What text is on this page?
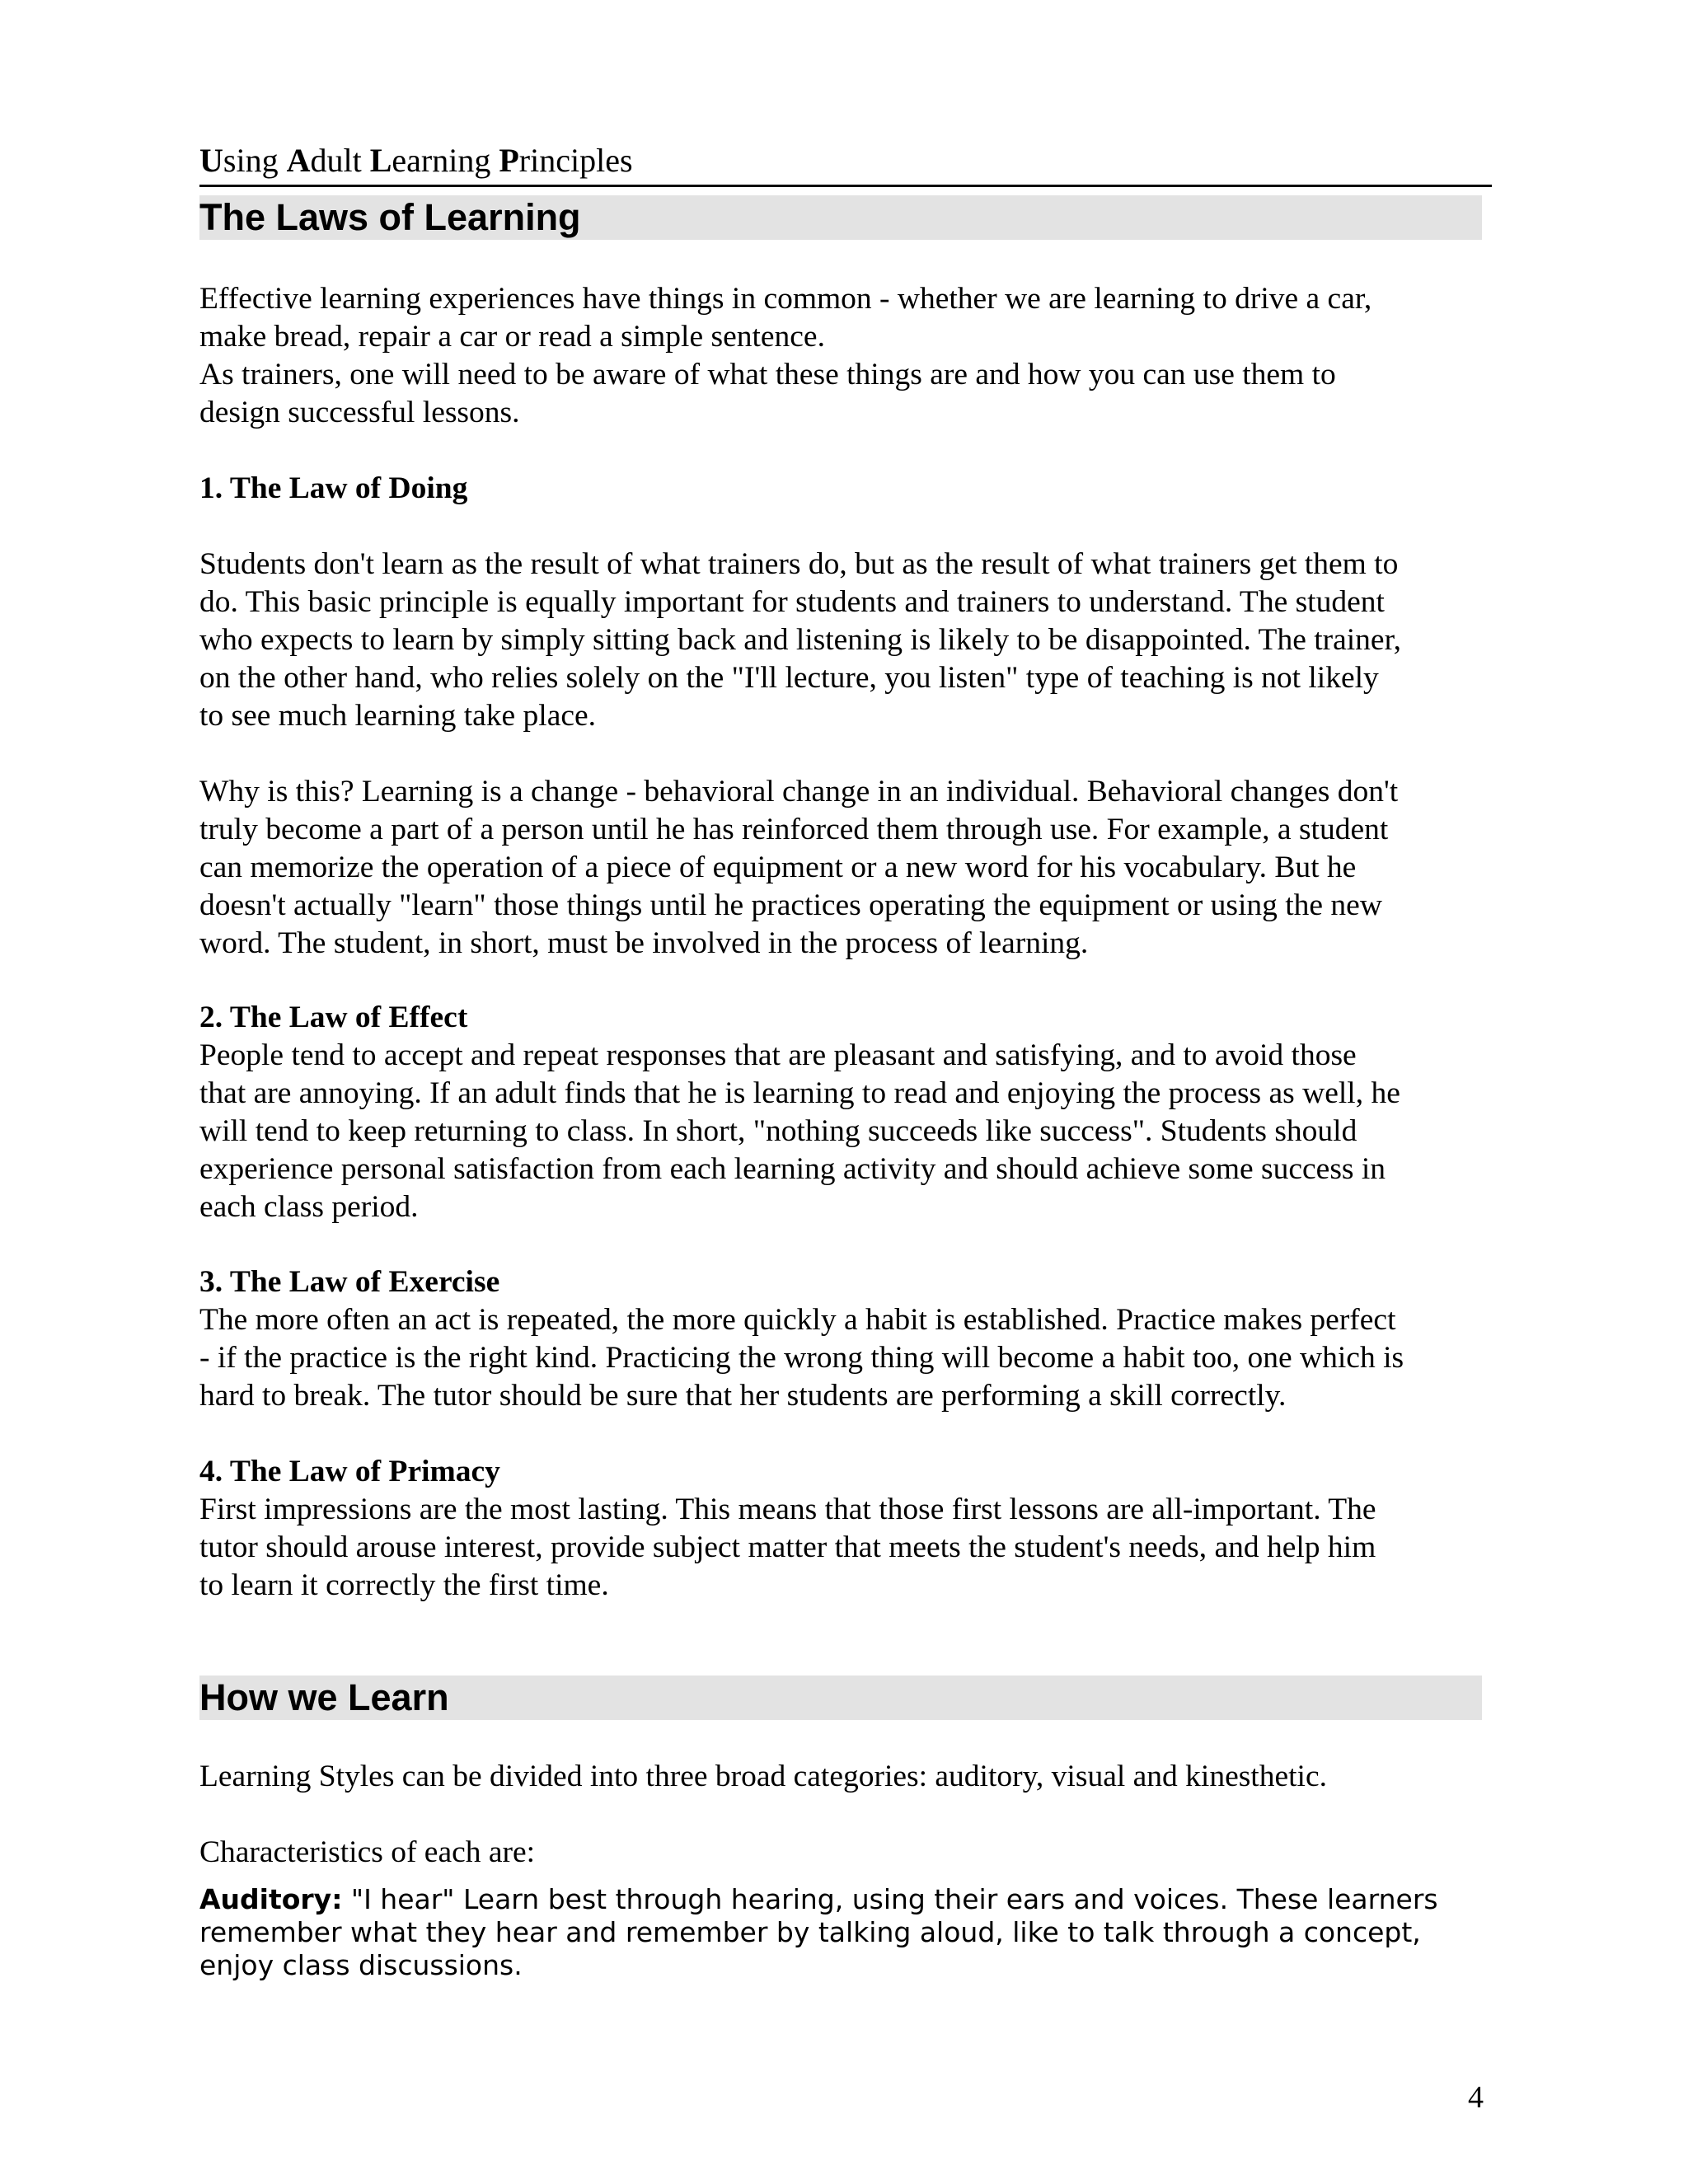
Using Adult Learning Principles
The Laws of Learning

Effective learning experiences have things in common - whether we are learning to drive a car,
make bread, repair a car or read a simple sentence.
As trainers, one will need to be aware of what these things are and how you can use them to
design successful lessons.

1. The Law of Doing

Students don't learn as the result of what trainers do, but as the result of what trainers get them to
do. This basic principle is equally important for students and trainers to understand. The student
who expects to learn by simply sitting back and listening is likely to be disappointed. The trainer,
on the other hand, who relies solely on the "I'll lecture, you listen" type of teaching is not likely
to see much learning take place.

Why is this? Learning is a change - behavioral change in an individual. Behavioral changes don't
truly become a part of a person until he has reinforced them through use. For example, a student
can memorize the operation of a piece of equipment or a new word for his vocabulary. But he
doesn't actually "learn" those things until he practices operating the equipment or using the new
word. The student, in short, must be involved in the process of learning.

2. The Law of Effect

People tend to accept and repeat responses that are pleasant and satisfying, and to avoid those
that are annoying. If an adult finds that he is learning to read and enjoying the process as well, he
will tend to keep returning to class. In short, "nothing succeeds like success". Students should
experience personal satisfaction from each learning activity and should achieve some success in
each class period.

3. The Law of Exercise

The more often an act is repeated, the more quickly a habit is established. Practice makes perfect
- if the practice is the right kind. Practicing the wrong thing will become a habit too, one which is
hard to break. The tutor should be sure that her students are performing a skill correctly.

4. The Law of Primacy

First impressions are the most lasting. This means that those first lessons are all-important. The
tutor should arouse interest, provide subject matter that meets the student's needs, and help him
to learn it correctly the first time.

How we Learn

Learning Styles can be divided into three broad categories: auditory, visual and kinesthetic.

Characteristics of each are:

Auditory: "I hear" Learn best through hearing, using their ears and voices. These learners
remember what they hear and remember by talking aloud, like to talk through a concept,
enjoy class discussions.

4
